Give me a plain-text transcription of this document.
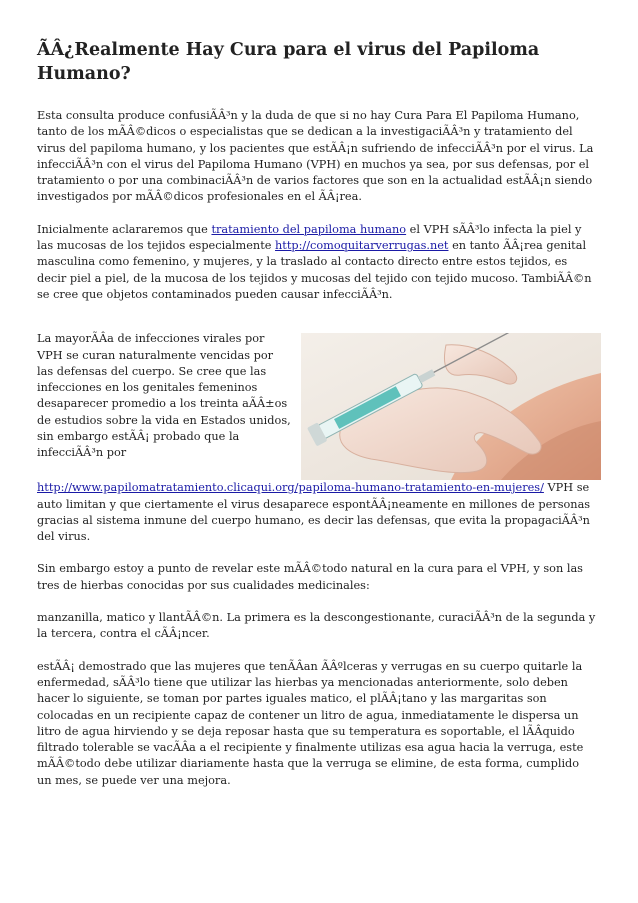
ÃÂ¿Realmente Hay Cura para el virus del Papiloma Humano?

Esta consulta produce confusiÃÂ³n y la duda de que si no hay Cura Para El Papiloma Humano, tanto de los mÃÂ©dicos o especialistas que se dedican a la investigaciÃÂ³n y tratamiento del virus del papiloma humano, y los pacientes que estÃÂ¡n sufriendo de infecciÃÂ³n por el virus. La infecciÃÂ³n con el virus del Papiloma Humano (VPH) en muchos ya sea, por sus defensas, por el tratamiento o por una combinaciÃÂ³n de varios factores que son en la actualidad estÃÂ¡n siendo investigados por mÃÂ©dicos profesionales en el ÃÂ¡rea.

Inicialmente aclararemos que tratamiento del papiloma humano el VPH sÃÂ³lo infecta la piel y las mucosas de los tejidos especialmente http://comoquitarverrugas.net en tanto ÃÂ¡rea genital masculina como femenino, y mujeres, y la traslado al contacto directo entre estos tejidos, es decir piel a piel, de la mucosa de los tejidos y mucosas del tejido con tejido mucoso. TambiÃÂ©n se cree que objetos contaminados pueden causar infecciÃÂ³n.

La mayorÃÂa de infecciones virales por VPH se curan naturalmente vencidas por las defensas del cuerpo. Se cree que las infecciones en los genitales femeninos desaparecer promedio a los treinta aÃÂ±os de estudios sobre la vida en Estados unidos, sin embargo estÃÂ¡ probado que la infecciÃÂ³n por http://www.papilomatratamiento.clicaqui.org/papiloma-humano-tratamiento-en-mujeres/ VPH se auto limitan y que ciertamente el virus desaparece espontÃÂ¡neamente en millones de personas gracias al sistema inmune del cuerpo humano, es decir las defensas, que evita la propagaciÃÂ³n del virus.

Sin embargo estoy a punto de revelar este mÃÂ©todo natural en la cura para el VPH, y son las tres de hierbas conocidas por sus cualidades medicinales:

manzanilla, matico y llantÃÂ©n. La primera es la descongestionante, curaciÃÂ³n de la segunda y la tercera, contra el cÃÂ¡ncer.

estÃÂ¡ demostrado que las mujeres que tenÃÂan ÃÂºlceras y verrugas en su cuerpo quitarle la enfermedad, sÃÂ³lo tiene que utilizar las hierbas ya mencionadas anteriormente, solo deben hacer lo siguiente, se toman por partes iguales matico, el plÃÂ¡tano y las margaritas son colocadas en un recipiente capaz de contener un litro de agua, inmediatamente le dispersa un litro de agua hirviendo y se deja reposar hasta que su temperatura es soportable, el lÃÂquido filtrado tolerable se vacÃÂa a el recipiente y finalmente utilizas esa agua hacia la verruga, este mÃÂ©todo debe utilizar diariamente hasta que la verruga se elimine, de esta forma, cumplido un mes, se puede ver una mejora.
